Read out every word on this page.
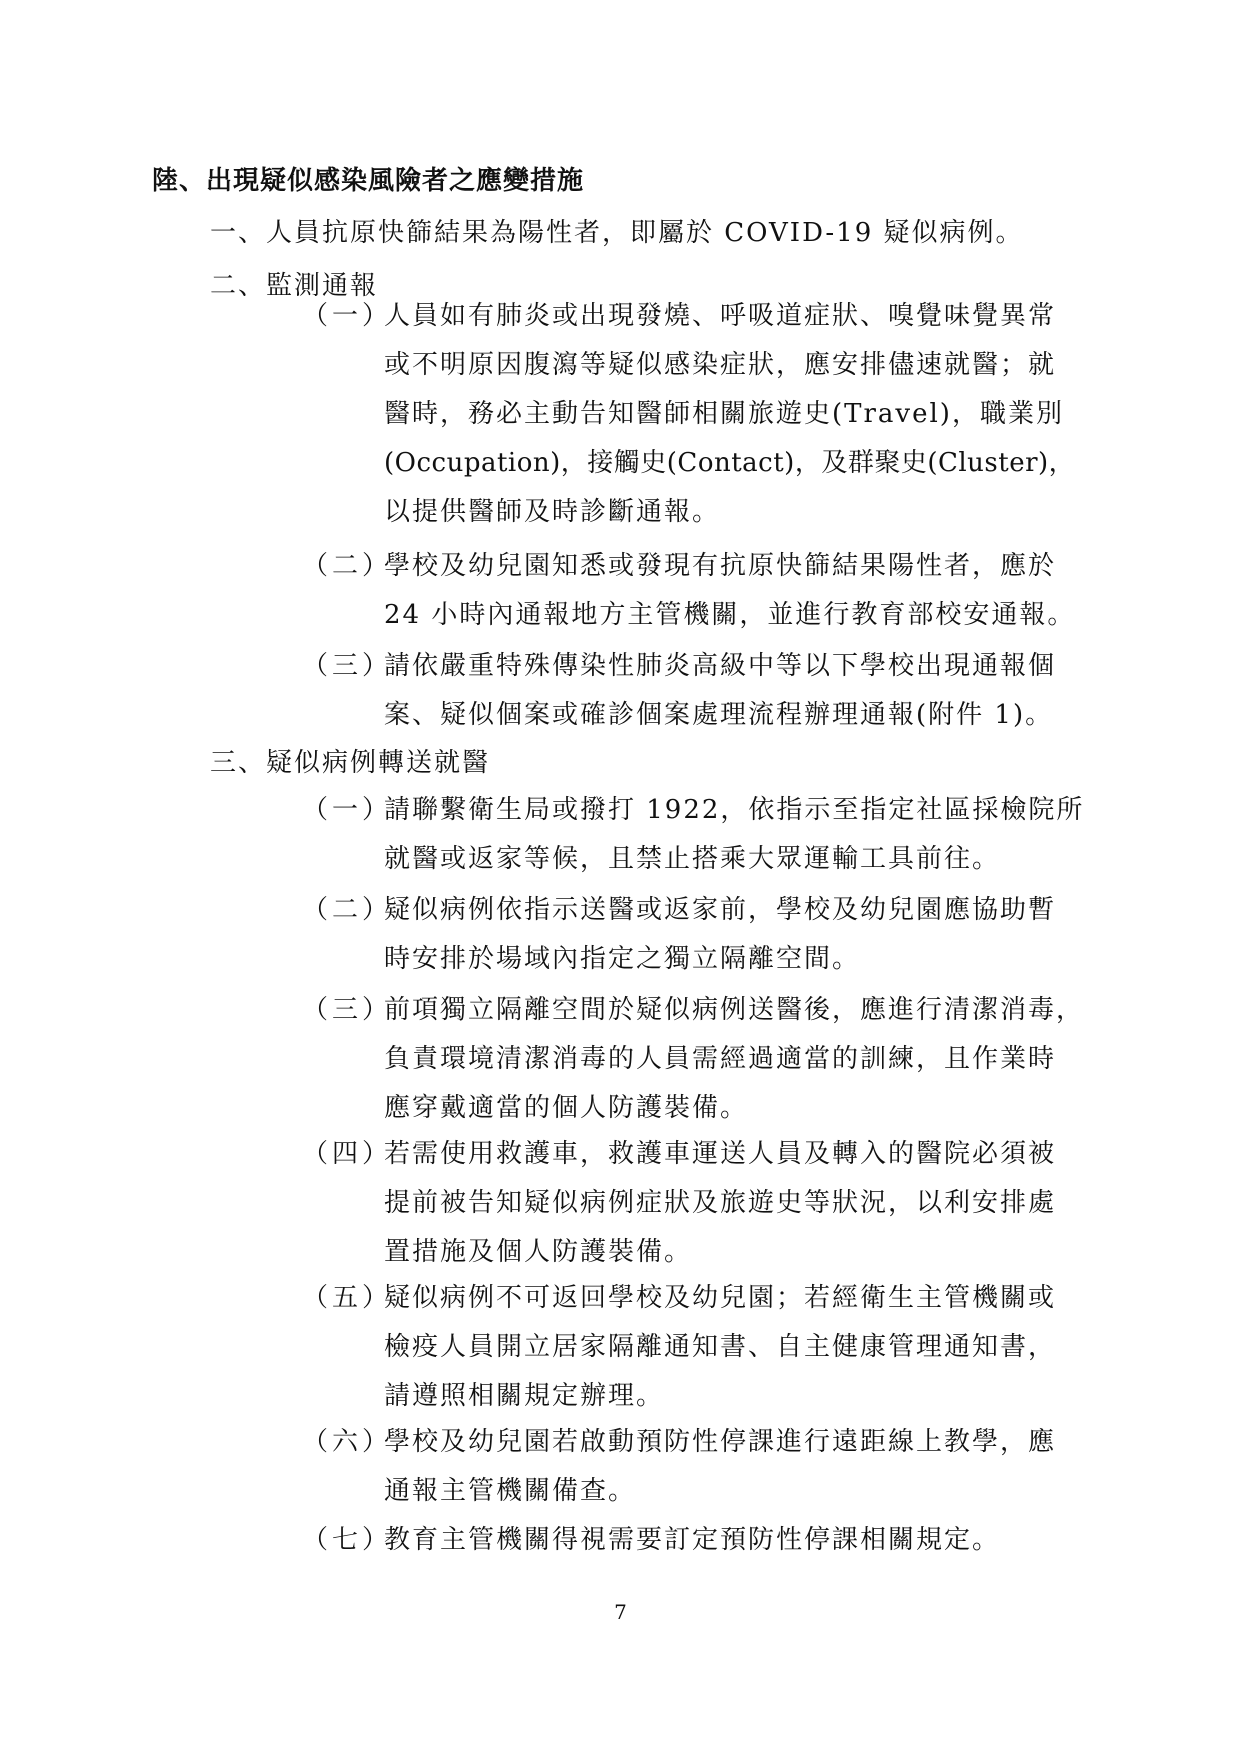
陸、出現疑似感染風險者之應變措施
一、人員抗原快篩結果為陽性者，即屬於 COVID-19 疑似病例。
二、監測通報
（一）
人員如有肺炎或出現發燒、呼吸道症狀、嗅覺味覺異常
或不明原因腹瀉等疑似感染症狀，應安排儘速就醫；就
醫時，務必主動告知醫師相關旅遊史(Travel)，職業別
(Occupation)，接觸史(Contact)，及群聚史(Cluster)，
以提供醫師及時診斷通報。
（二）
學校及幼兒園知悉或發現有抗原快篩結果陽性者，應於
24 小時內通報地方主管機關，並進行教育部校安通報。
（三）
請依嚴重特殊傳染性肺炎高級中等以下學校出現通報個
案、疑似個案或確診個案處理流程辦理通報(附件 1)。
三、疑似病例轉送就醫
（一）
請聯繫衛生局或撥打 1922，依指示至指定社區採檢院所
就醫或返家等候，且禁止搭乘大眾運輸工具前往。
（二）
疑似病例依指示送醫或返家前，學校及幼兒園應協助暫
時安排於場域內指定之獨立隔離空間。
（三）
前項獨立隔離空間於疑似病例送醫後，應進行清潔消毒，
負責環境清潔消毒的人員需經過適當的訓練，且作業時
應穿戴適當的個人防護裝備。
（四）
若需使用救護車，救護車運送人員及轉入的醫院必須被
提前被告知疑似病例症狀及旅遊史等狀況，以利安排處
置措施及個人防護裝備。
（五）
疑似病例不可返回學校及幼兒園；若經衛生主管機關或
檢疫人員開立居家隔離通知書、自主健康管理通知書，
請遵照相關規定辦理。
（六）
學校及幼兒園若啟動預防性停課進行遠距線上教學，應
通報主管機關備查。
（七）
教育主管機關得視需要訂定預防性停課相關規定。
7
